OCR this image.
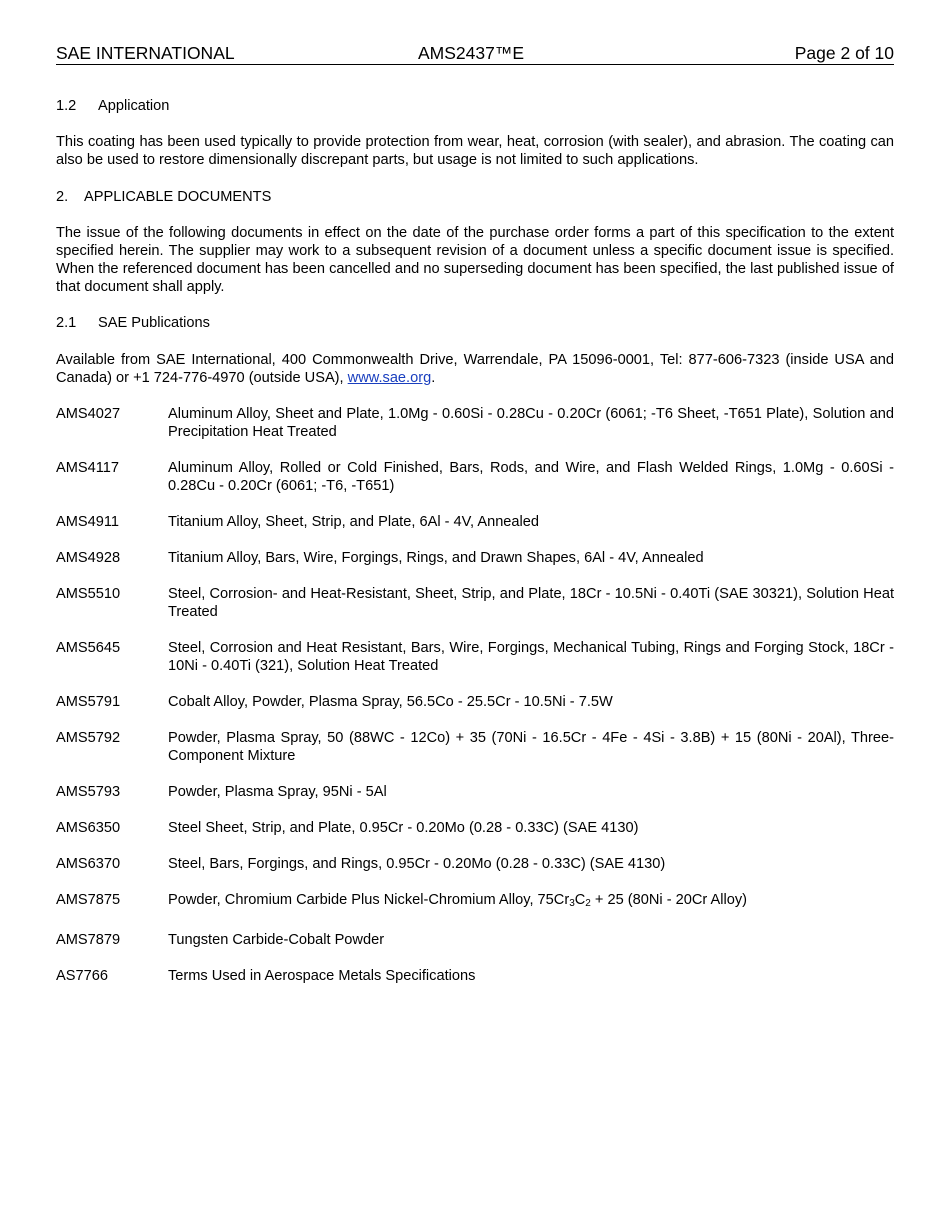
SAE INTERNATIONAL	AMS2437™E	Page 2 of 10
1.2 Application
This coating has been used typically to provide protection from wear, heat, corrosion (with sealer), and abrasion. The coating can also be used to restore dimensionally discrepant parts, but usage is not limited to such applications.
2. APPLICABLE DOCUMENTS
The issue of the following documents in effect on the date of the purchase order forms a part of this specification to the extent specified herein. The supplier may work to a subsequent revision of a document unless a specific document issue is specified. When the referenced document has been cancelled and no superseding document has been specified, the last published issue of that document shall apply.
2.1 SAE Publications
Available from SAE International, 400 Commonwealth Drive, Warrendale, PA 15096-0001, Tel: 877-606-7323 (inside USA and Canada) or +1 724-776-4970 (outside USA), www.sae.org.
AMS4027	Aluminum Alloy, Sheet and Plate, 1.0Mg - 0.60Si - 0.28Cu - 0.20Cr (6061; -T6 Sheet, -T651 Plate), Solution and Precipitation Heat Treated
AMS4117	Aluminum Alloy, Rolled or Cold Finished, Bars, Rods, and Wire, and Flash Welded Rings, 1.0Mg - 0.60Si - 0.28Cu - 0.20Cr (6061; -T6, -T651)
AMS4911	Titanium Alloy, Sheet, Strip, and Plate, 6Al - 4V, Annealed
AMS4928	Titanium Alloy, Bars, Wire, Forgings, Rings, and Drawn Shapes, 6Al - 4V, Annealed
AMS5510	Steel, Corrosion- and Heat-Resistant, Sheet, Strip, and Plate, 18Cr - 10.5Ni - 0.40Ti (SAE 30321), Solution Heat Treated
AMS5645	Steel, Corrosion and Heat Resistant, Bars, Wire, Forgings, Mechanical Tubing, Rings and Forging Stock, 18Cr - 10Ni - 0.40Ti (321), Solution Heat Treated
AMS5791	Cobalt Alloy, Powder, Plasma Spray, 56.5Co - 25.5Cr - 10.5Ni - 7.5W
AMS5792	Powder, Plasma Spray, 50 (88WC - 12Co) + 35 (70Ni - 16.5Cr - 4Fe - 4Si - 3.8B) + 15 (80Ni - 20Al), Three-Component Mixture
AMS5793	Powder, Plasma Spray, 95Ni - 5Al
AMS6350	Steel Sheet, Strip, and Plate, 0.95Cr - 0.20Mo (0.28 - 0.33C) (SAE 4130)
AMS6370	Steel, Bars, Forgings, and Rings, 0.95Cr - 0.20Mo (0.28 - 0.33C) (SAE 4130)
AMS7875	Powder, Chromium Carbide Plus Nickel-Chromium Alloy, $75Cr_3C_2 + 25$ (80Ni - 20Cr Alloy)
AMS7879	Tungsten Carbide-Cobalt Powder
AS7766	Terms Used in Aerospace Metals Specifications
